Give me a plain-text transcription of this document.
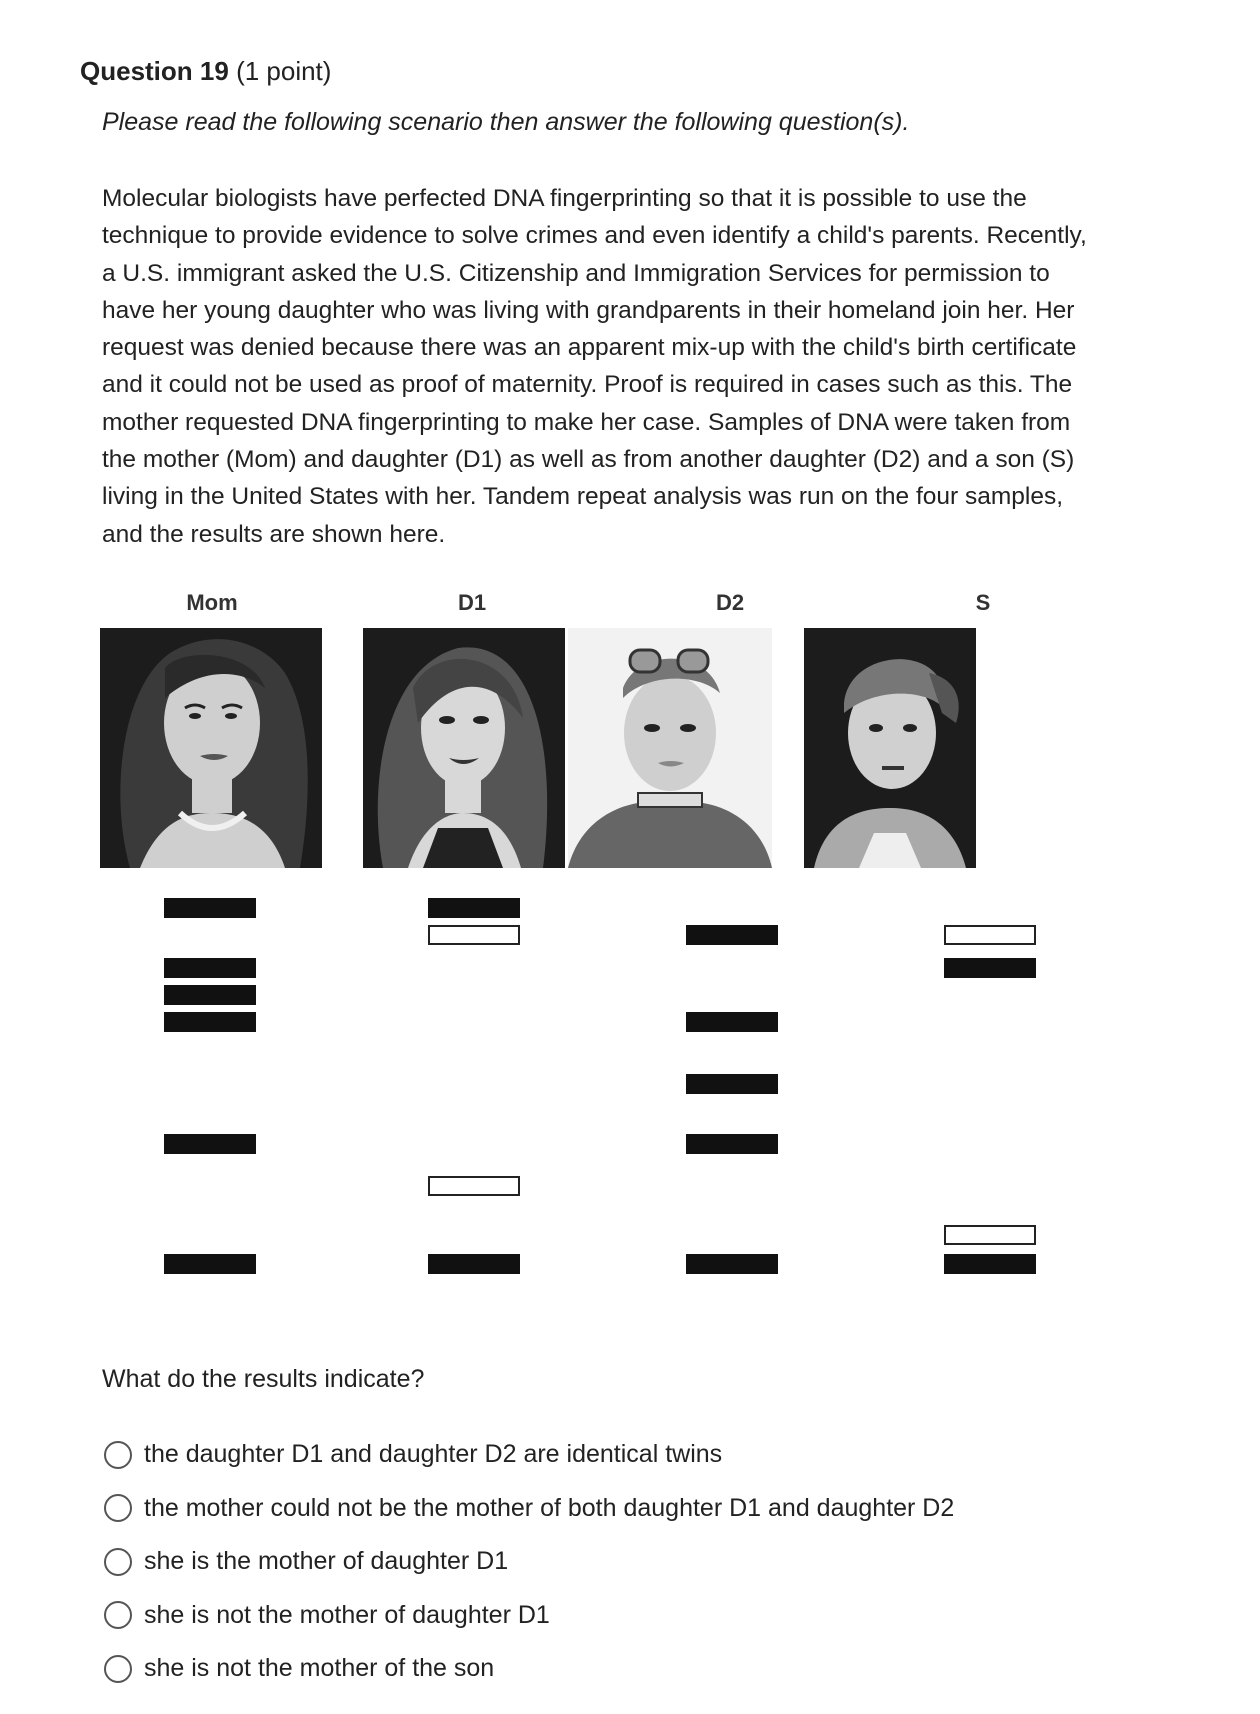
Question 19 (1 point)
Please read the following scenario then answer the following question(s).

Molecular biologists have perfected DNA fingerprinting so that it is possible to use the technique to provide evidence to solve crimes and even identify a child's parents. Recently, a U.S. immigrant asked the U.S. Citizenship and Immigration Services for permission to have her young daughter who was living with grandparents in their homeland join her. Her request was denied because there was an apparent mix-up with the child's birth certificate and it could not be used as proof of maternity. Proof is required in cases such as this. The mother requested DNA fingerprinting to make her case. Samples of DNA were taken from the mother (Mom) and daughter (D1) as well as from another daughter (D2) and a son (S) living in the United States with her. Tandem repeat analysis was run on the four samples, and the results are shown here.

Mom	D1	D2	S
What do the results indicate?
the daughter D1 and daughter D2 are identical twins
the mother could not be the mother of both daughter D1 and daughter D2
she is the mother of daughter D1
she is not the mother of daughter D1
she is not the mother of the son
